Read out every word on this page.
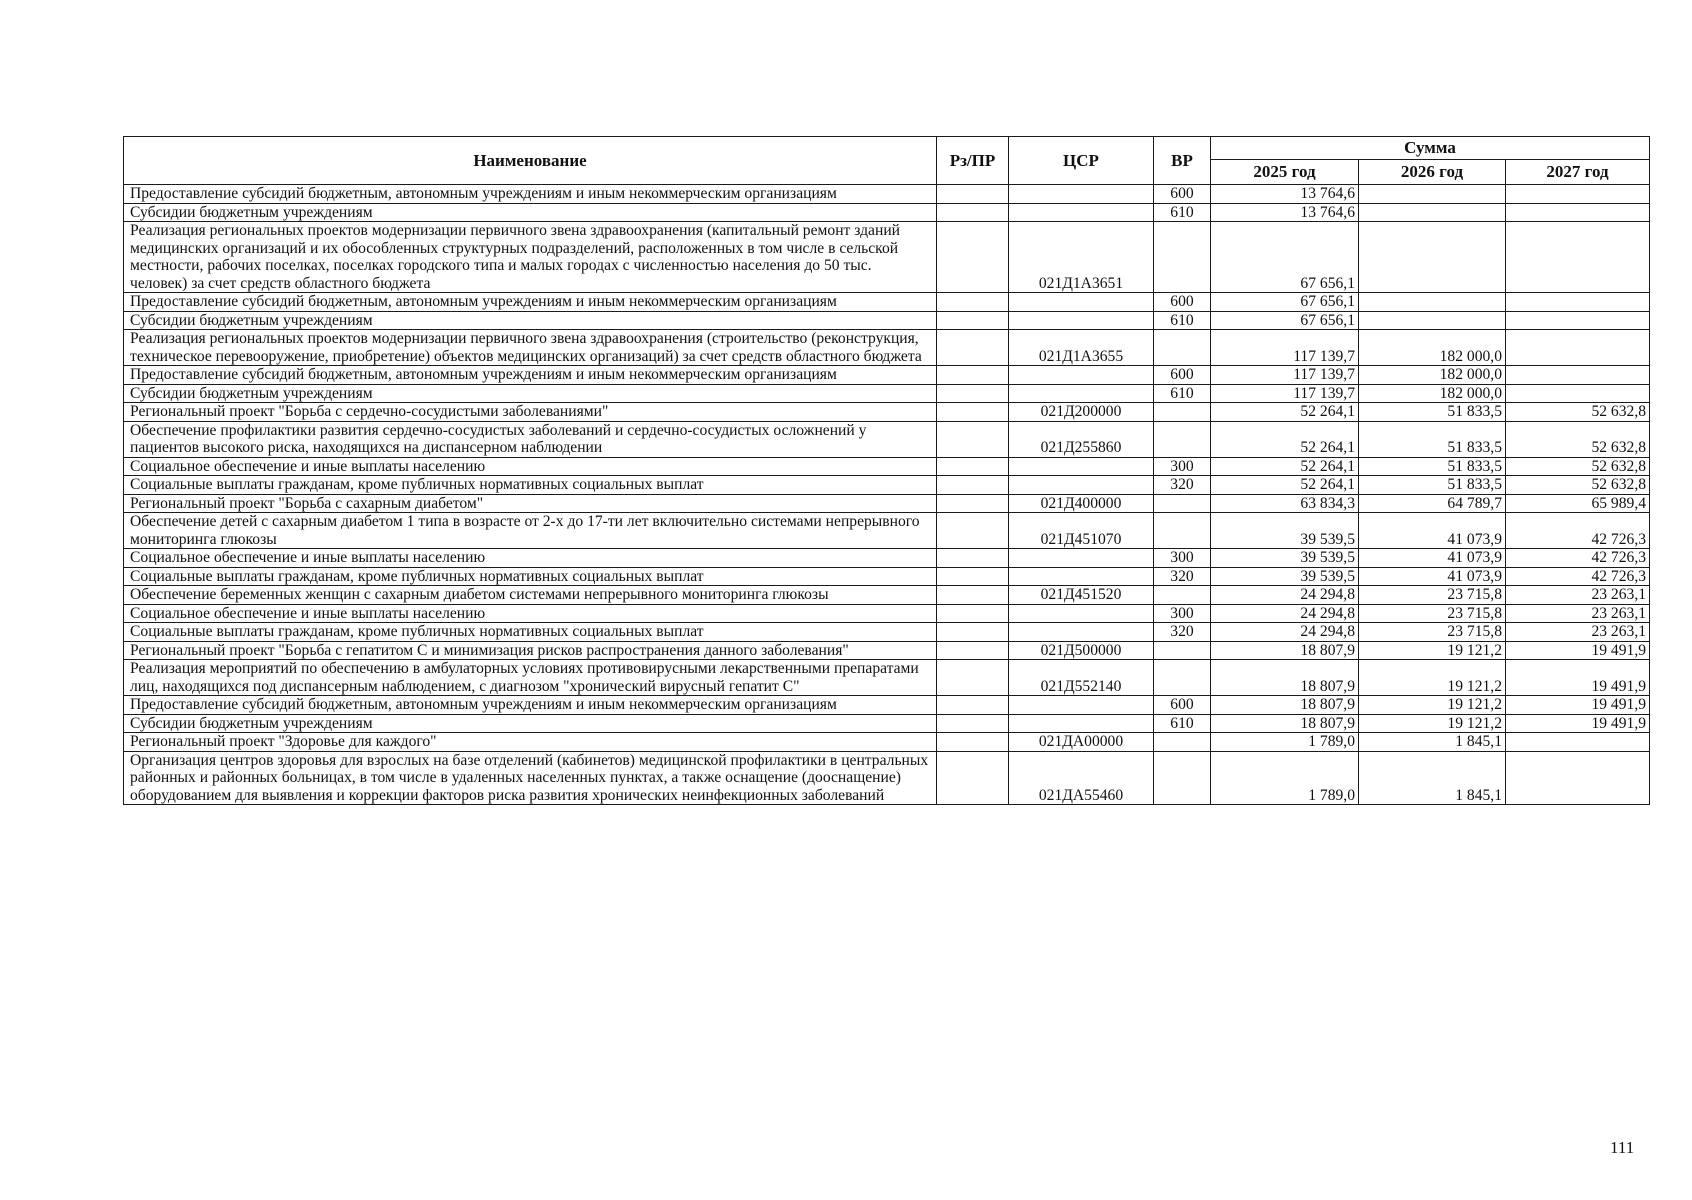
Наименование	Рз/ПР	ЦСР	ВР	Сумма		
				2025 год	2026 год	2027 год
Предоставление субсидий бюджетным, автономным учреждениям и иным некоммерческим организациям			600	13 764,6		
Субсидии бюджетным учреждениям			610	13 764,6		
Реализация региональных проектов модернизации первичного звена здравоохранения (капитальный ремонт зданий медицинских организаций и их обособленных структурных подразделений, расположенных в том числе в сельской местности, рабочих поселках, поселках городского типа и малых городах с численностью населения до 50 тыс. человек) за счет средств областного бюджета		021Д1А3651		67 656,1		
Предоставление субсидий бюджетным, автономным учреждениям и иным некоммерческим организациям			600	67 656,1		
Субсидии бюджетным учреждениям			610	67 656,1		
Реализация региональных проектов модернизации первичного звена здравоохранения (строительство (реконструкция, техническое перевооружение, приобретение) объектов медицинских организаций) за счет средств областного бюджета		021Д1А3655		117 139,7	182 000,0	
Предоставление субсидий бюджетным, автономным учреждениям и иным некоммерческим организациям			600	117 139,7	182 000,0	
Субсидии бюджетным учреждениям			610	117 139,7	182 000,0	
Региональный проект "Борьба с сердечно-сосудистыми заболеваниями"		021Д200000		52 264,1	51 833,5	52 632,8
Обеспечение профилактики развития сердечно-сосудистых заболеваний и сердечно-сосудистых осложнений у пациентов высокого риска, находящихся на диспансерном наблюдении		021Д255860		52 264,1	51 833,5	52 632,8
Социальное обеспечение и иные выплаты населению			300	52 264,1	51 833,5	52 632,8
Социальные выплаты гражданам, кроме публичных нормативных социальных выплат			320	52 264,1	51 833,5	52 632,8
Региональный проект "Борьба с сахарным диабетом"		021Д400000		63 834,3	64 789,7	65 989,4
Обеспечение детей с сахарным диабетом 1 типа в возрасте от 2-х до 17-ти лет включительно системами непрерывного мониторинга глюкозы		021Д451070		39 539,5	41 073,9	42 726,3
Социальное обеспечение и иные выплаты населению			300	39 539,5	41 073,9	42 726,3
Социальные выплаты гражданам, кроме публичных нормативных социальных выплат			320	39 539,5	41 073,9	42 726,3
Обеспечение беременных женщин с сахарным диабетом системами непрерывного мониторинга глюкозы		021Д451520		24 294,8	23 715,8	23 263,1
Социальное обеспечение и иные выплаты населению			300	24 294,8	23 715,8	23 263,1
Социальные выплаты гражданам, кроме публичных нормативных социальных выплат			320	24 294,8	23 715,8	23 263,1
Региональный проект "Борьба с гепатитом С и минимизация рисков распространения данного заболевания"		021Д500000		18 807,9	19 121,2	19 491,9
Реализация мероприятий по обеспечению в амбулаторных условиях противовирусными лекарственными препаратами лиц, находящихся под диспансерным наблюдением, с диагнозом "хронический вирусный гепатит С"		021Д552140		18 807,9	19 121,2	19 491,9
Предоставление субсидий бюджетным, автономным учреждениям и иным некоммерческим организациям			600	18 807,9	19 121,2	19 491,9
Субсидии бюджетным учреждениям			610	18 807,9	19 121,2	19 491,9
Региональный проект "Здоровье для каждого"		021ДА00000		1 789,0	1 845,1	
Организация центров здоровья для взрослых на базе отделений (кабинетов) медицинской профилактики в центральных районных и районных больницах, в том числе в удаленных населенных пунктах, а также оснащение (дооснащение) оборудованием для выявления и коррекции факторов риска развития хронических неинфекционных заболеваний		021ДА55460		1 789,0	1 845,1	
111
